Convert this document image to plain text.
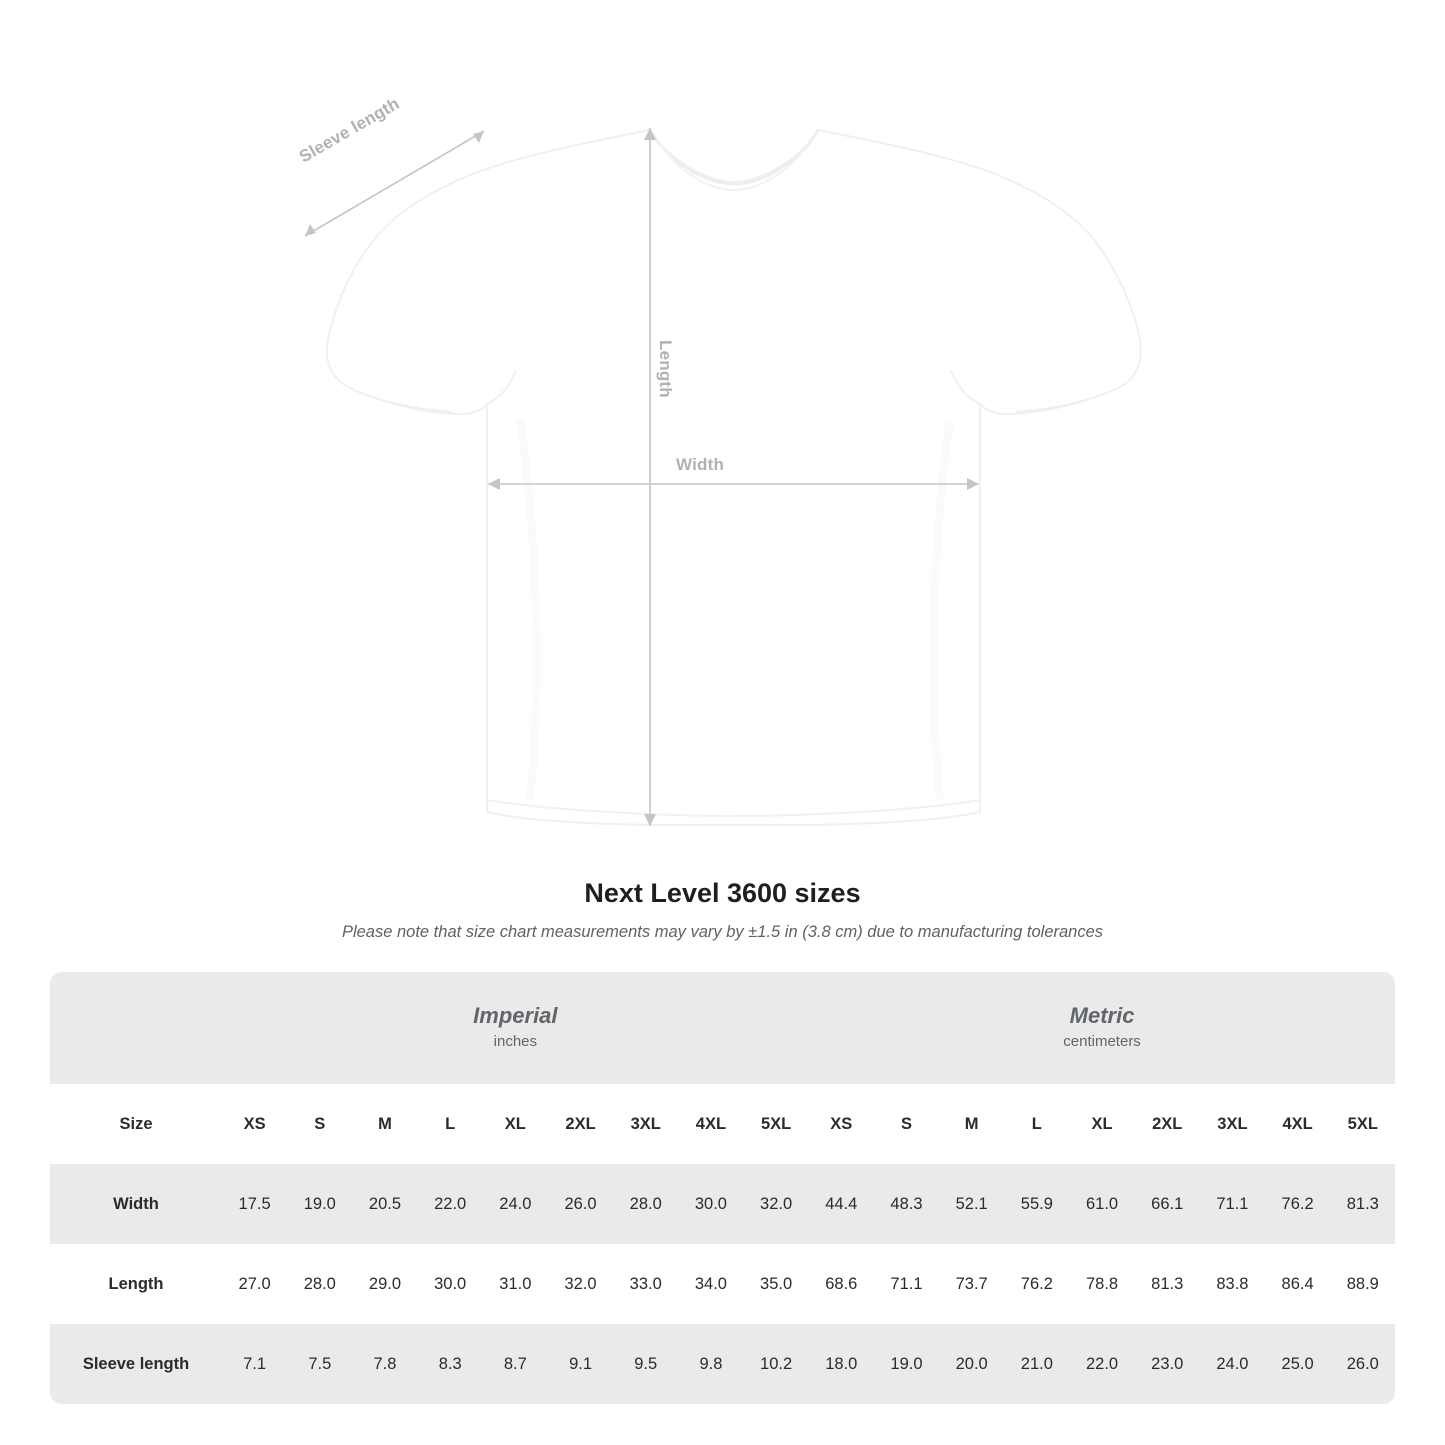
Sleeve length
Length
Width
Next Level 3600 sizes

Please note that size chart measurements may vary by ±1.5 in (3.8 cm) due to manufacturing tolerances

Imperial
inches

Metric
centimeters

Size	XS	S	M	L	XL	2XL	3XL	4XL	5XL	XS	S	M	L	XL	2XL	3XL	4XL	5XL
Width	17.5	19.0	20.5	22.0	24.0	26.0	28.0	30.0	32.0	44.4	48.3	52.1	55.9	61.0	66.1	71.1	76.2	81.3
Length	27.0	28.0	29.0	30.0	31.0	32.0	33.0	34.0	35.0	68.6	71.1	73.7	76.2	78.8	81.3	83.8	86.4	88.9
Sleeve length	7.1	7.5	7.8	8.3	8.7	9.1	9.5	9.8	10.2	18.0	19.0	20.0	21.0	22.0	23.0	24.0	25.0	26.0
